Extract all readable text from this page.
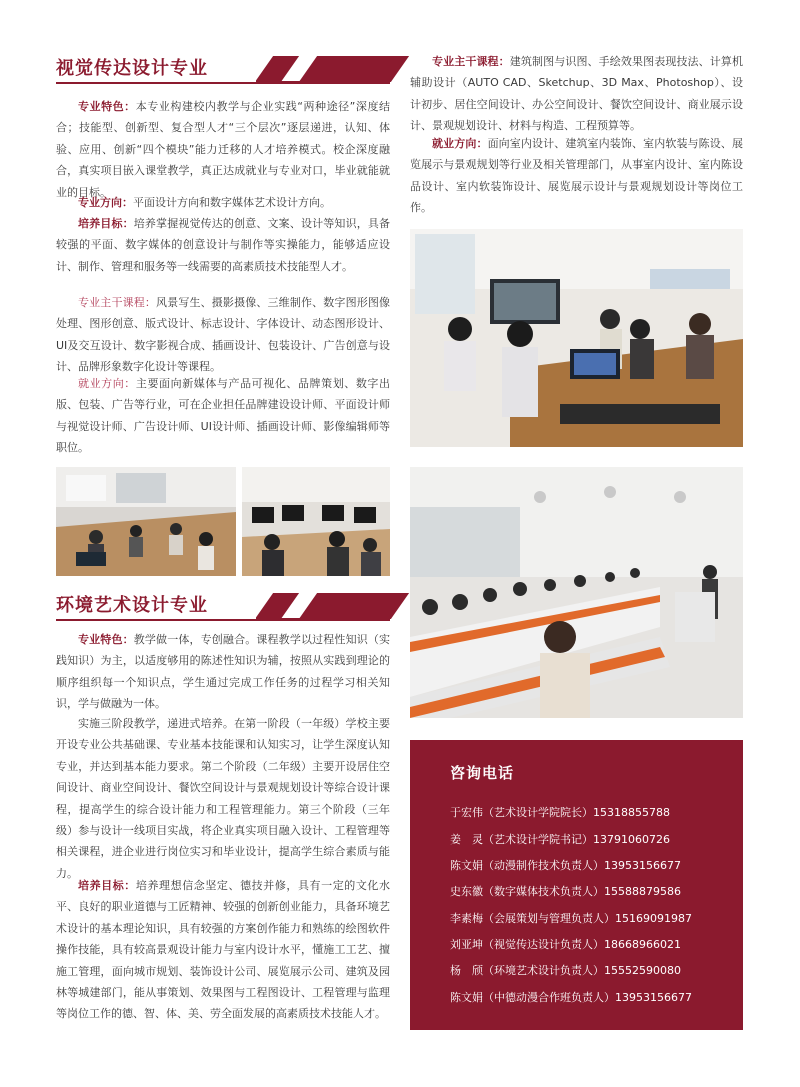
视觉传达设计专业
专业特色：本专业构建校内教学与企业实践“两种途径”深度结合；技能型、创新型、复合型人才“三个层次”逐层递进，认知、体验、应用、创新“四个模块”能力迁移的人才培养模式。校企深度融合，真实项目嵌入课堂教学，真正达成就业与专业对口，毕业就能就业的目标。
专业方向：平面设计方向和数字媒体艺术设计方向。
培养目标：培养掌握视觉传达的创意、文案、设计等知识，具备较强的平面、数字媒体的创意设计与制作等实操能力，能够适应设计、制作、管理和服务等一线需要的高素质技术技能型人才。
专业主干课程：风景写生、摄影摄像、三维制作、数字图形图像处理、图形创意、版式设计、标志设计、字体设计、动态图形设计、UI及交互设计、数字影视合成、插画设计、包装设计、广告创意与设计、品牌形象数字化设计等课程。
就业方向：主要面向新媒体与产品可视化、品牌策划、数字出版、包装、广告等行业，可在企业担任品牌建设设计师、平面设计师与视觉设计师、广告设计师、UI设计师、插画设计师、影像编辑师等职位。
环境艺术设计专业
专业特色：教学做一体，专创融合。课程教学以过程性知识（实践知识）为主，以适度够用的陈述性知识为辅，按照从实践到理论的顺序组织每一个知识点，学生通过完成工作任务的过程学习相关知识，学与做融为一体。
实施三阶段教学，递进式培养。在第一阶段（一年级）学校主要开设专业公共基础课、专业基本技能课和认知实习，让学生深度认知专业，并达到基本能力要求。第二个阶段（二年级）主要开设居住空间设计、商业空间设计、餐饮空间设计与景观规划设计等综合设计课程，提高学生的综合设计能力和工程管理能力。第三个阶段（三年级）参与设计一线项目实战，将企业真实项目融入设计、工程管理等相关课程，进企业进行岗位实习和毕业设计，提高学生综合素质与能力。
培养目标：培养理想信念坚定、德技并修，具有一定的文化水平、良好的职业道德与工匠精神、较强的创新创业能力，具备环境艺术设计的基本理论知识，具有较强的方案创作能力和熟练的绘图软件操作技能，具有较高景观设计能力与室内设计水平，懂施工工艺、擅施工管理，面向城市规划、装饰设计公司、展览展示公司、建筑及园林等城建部门，能从事策划、效果图与工程图设计、工程管理与监理等岗位工作的德、智、体、美、劳全面发展的高素质技术技能人才。
专业主干课程：建筑制图与识图、手绘效果图表现技法、计算机辅助设计（AUTO CAD、Sketchup、3D Max、Photoshop）、设计初步、居住空间设计、办公空间设计、餐饮空间设计、商业展示设计、景观规划设计、材料与构造、工程预算等。
就业方向：面向室内设计、建筑室内装饰、室内软装与陈设、展览展示与景观规划等行业及相关管理部门，从事室内设计、室内陈设品设计、室内软装饰设计、展览展示设计与景观规划设计等岗位工作。
咨询电话
于宏伟（艺术设计学院院长）15318855788
姜　灵（艺术设计学院书记）13791060726
陈文娟（动漫制作技术负责人）13953156677
史东徽（数字媒体技术负责人）15588879586
李素梅（会展策划与管理负责人）15169091987
刘亚坤（视觉传达设计负责人）18668966021
杨　颀（环境艺术设计负责人）15552590080
陈文娟（中德动漫合作班负责人）13953156677
